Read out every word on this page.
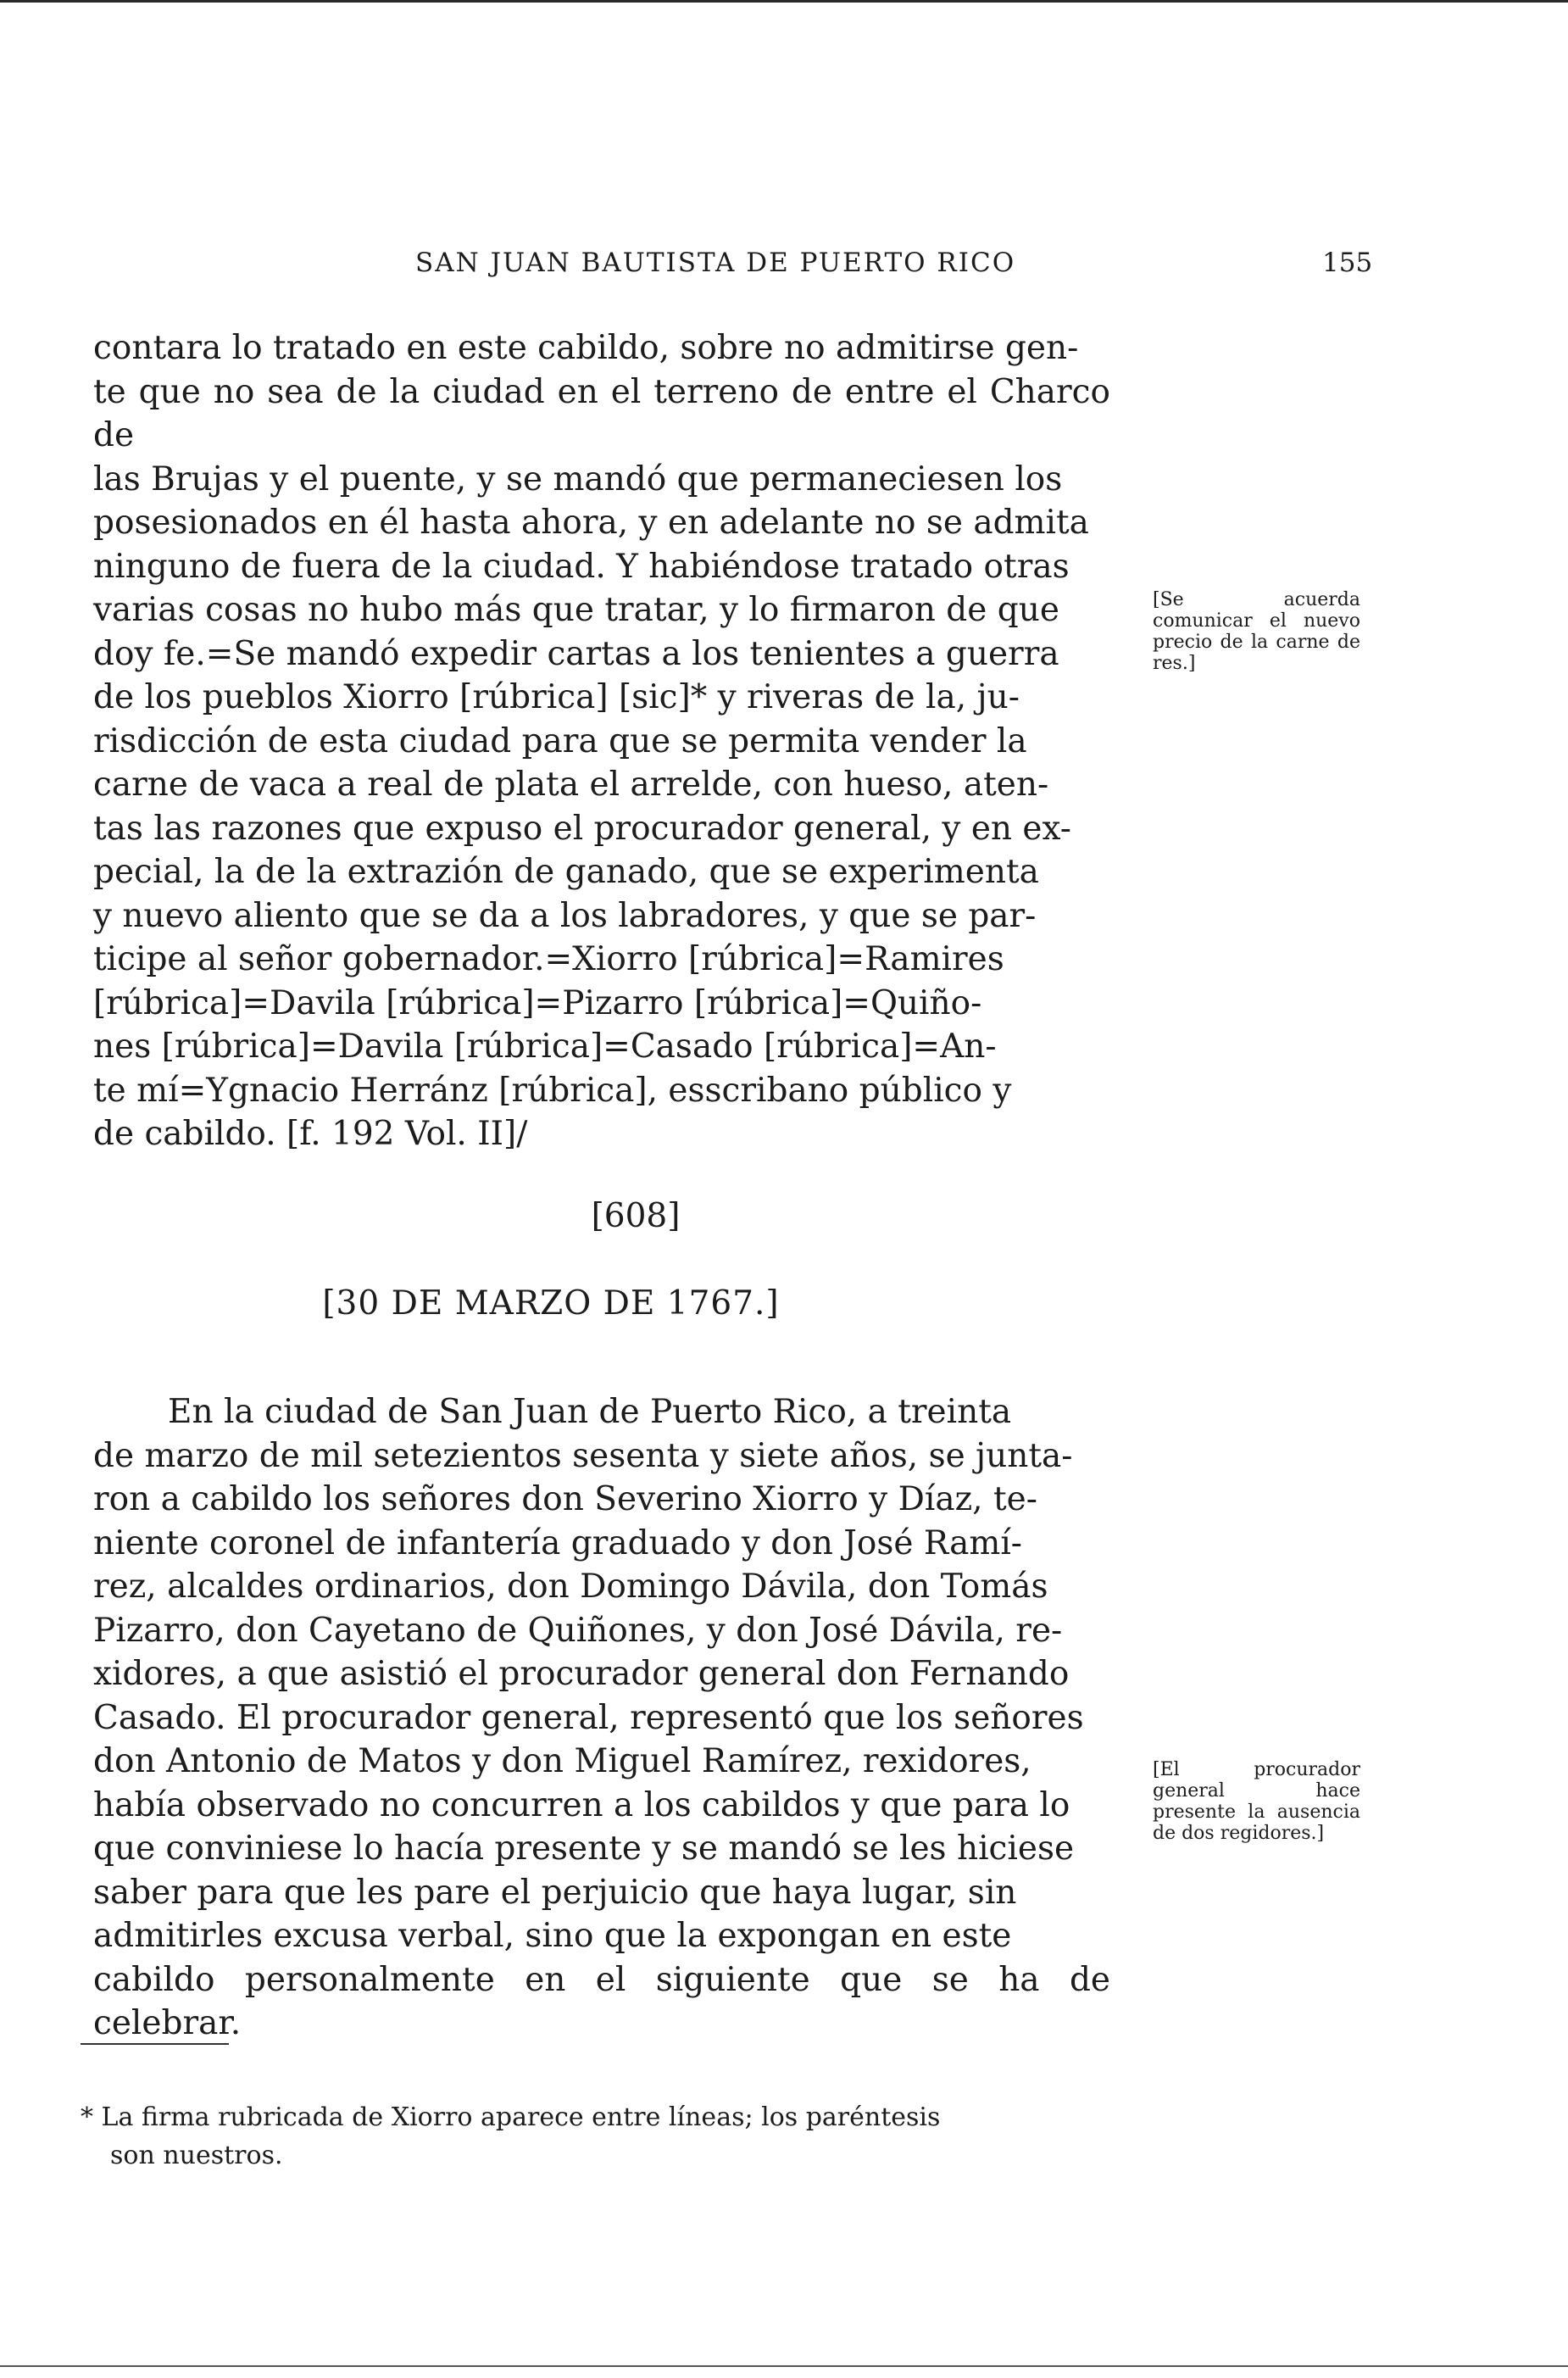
SAN JUAN BAUTISTA DE PUERTO RICO	155

contara lo tratado en este cabildo, sobre no admitirse gen-

te que no sea de la ciudad en el terreno de entre el Charco de

las Brujas y el puente, y se mandó que permaneciesen los

posesionados en él hasta ahora, y en adelante no se admita

ninguno de fuera de la ciudad. Y habiéndose tratado otras

varias cosas no hubo más que tratar, y lo firmaron de que

doy fe.=Se mandó expedir cartas a los tenientes a guerra

de los pueblos Xiorro [rúbrica] [sic]* y riveras de la, ju-

risdicción de esta ciudad para que se permita vender la

carne de vaca a real de plata el arrelde, con hueso, aten-

tas las razones que expuso el procurador general, y en ex-

pecial, la de la extrazión de ganado, que se experimenta

y nuevo aliento que se da a los labradores, y que se par-

ticipe al señor gobernador.=Xiorro [rúbrica]=Ramires

[rúbrica]=Davila [rúbrica]=Pizarro [rúbrica]=Quiño-

nes [rúbrica]=Davila [rúbrica]=Casado [rúbrica]=An-

te mí=Ygnacio Herránz [rúbrica], esscribano público y

de cabildo. [f. 192 Vol. II]/

[Se acuerda comunicar el nuevo precio de la carne de res.]
[608]
[30 DE MARZO DE 1767.]

En la ciudad de San Juan de Puerto Rico, a treinta

de marzo de mil setezientos sesenta y siete años, se junta-

ron a cabildo los señores don Severino Xiorro y Díaz, te-

niente coronel de infantería graduado y don José Ramí-

rez, alcaldes ordinarios, don Domingo Dávila, don Tomás

Pizarro, don Cayetano de Quiñones, y don José Dávila, re-

xidores, a que asistió el procurador general don Fernando

Casado. El procurador general, representó que los señores

don Antonio de Matos y don Miguel Ramírez, rexidores,

había observado no concurren a los cabildos y que para lo

que conviniese lo hacía presente y se mandó se les hiciese

saber para que les pare el perjuicio que haya lugar, sin

admitirles excusa verbal, sino que la expongan en este

cabildo personalmente en el siguiente que se ha de celebrar.

[El procurador general hace presente la ausencia de dos regidores.]
* La firma rubricada de Xiorro aparece entre líneas; los paréntesis
son nuestros.
